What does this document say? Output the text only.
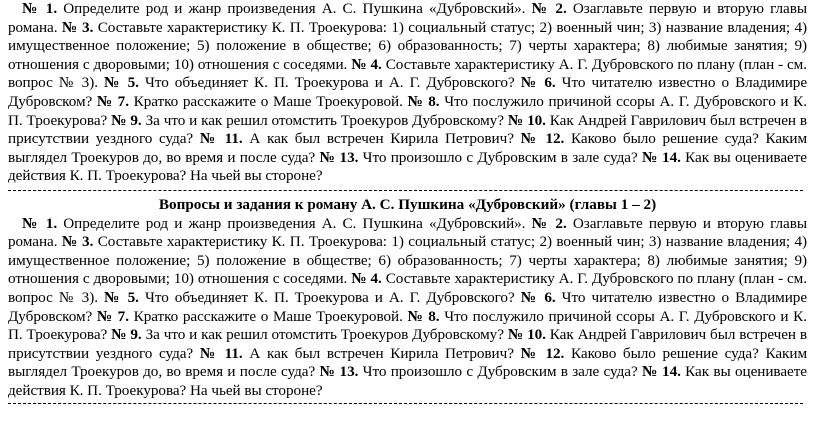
№ 1. Определите род и жанр произведения А. С. Пушкина «Дубровский». № 2. Озаглавьте первую и вторую главы романа. № 3. Составьте характеристику К. П. Троекурова: 1) социальный статус; 2) военный чин; 3) название владения; 4) имущественное положение; 5) положение в обществе; 6) образованность; 7) черты характера; 8) любимые занятия; 9) отношения с дворовыми; 10) отношения с соседями. № 4. Составьте характеристику А. Г. Дубровского по плану (план - см. вопрос № 3). № 5. Что объединяет К. П. Троекурова и А. Г. Дубровского? № 6. Что читателю известно о Владимире Дубровском? № 7. Кратко расскажите о Маше Троекуровой. № 8. Что послужило причиной ссоры А. Г. Дубровского и К. П. Троекурова? № 9. За что и как решил отомстить Троекуров Дубровскому? № 10. Как Андрей Гаврилович был встречен в присутствии уездного суда? № 11. А как был встречен Кирила Петрович? № 12. Каково было решение суда? Каким выглядел Троекуров до, во время и после суда? № 13. Что произошло с Дубровским в зале суда? № 14. Как вы оцениваете действия К. П. Троекурова? На чьей вы стороне?

Вопросы и задания к роману А. С. Пушкина «Дубровский» (главы 1 – 2)

№ 1. Определите род и жанр произведения А. С. Пушкина «Дубровский». № 2. Озаглавьте первую и вторую главы романа. № 3. Составьте характеристику К. П. Троекурова: 1) социальный статус; 2) военный чин; 3) название владения; 4) имущественное положение; 5) положение в обществе; 6) образованность; 7) черты характера; 8) любимые занятия; 9) отношения с дворовыми; 10) отношения с соседями. № 4. Составьте характеристику А. Г. Дубровского по плану (план - см. вопрос № 3). № 5. Что объединяет К. П. Троекурова и А. Г. Дубровского? № 6. Что читателю известно о Владимире Дубровском? № 7. Кратко расскажите о Маше Троекуровой. № 8. Что послужило причиной ссоры А. Г. Дубровского и К. П. Троекурова? № 9. За что и как решил отомстить Троекуров Дубровскому? № 10. Как Андрей Гаврилович был встречен в присутствии уездного суда? № 11. А как был встречен Кирила Петрович? № 12. Каково было решение суда? Каким выглядел Троекуров до, во время и после суда? № 13. Что произошло с Дубровским в зале суда? № 14. Как вы оцениваете действия К. П. Троекурова? На чьей вы стороне?
